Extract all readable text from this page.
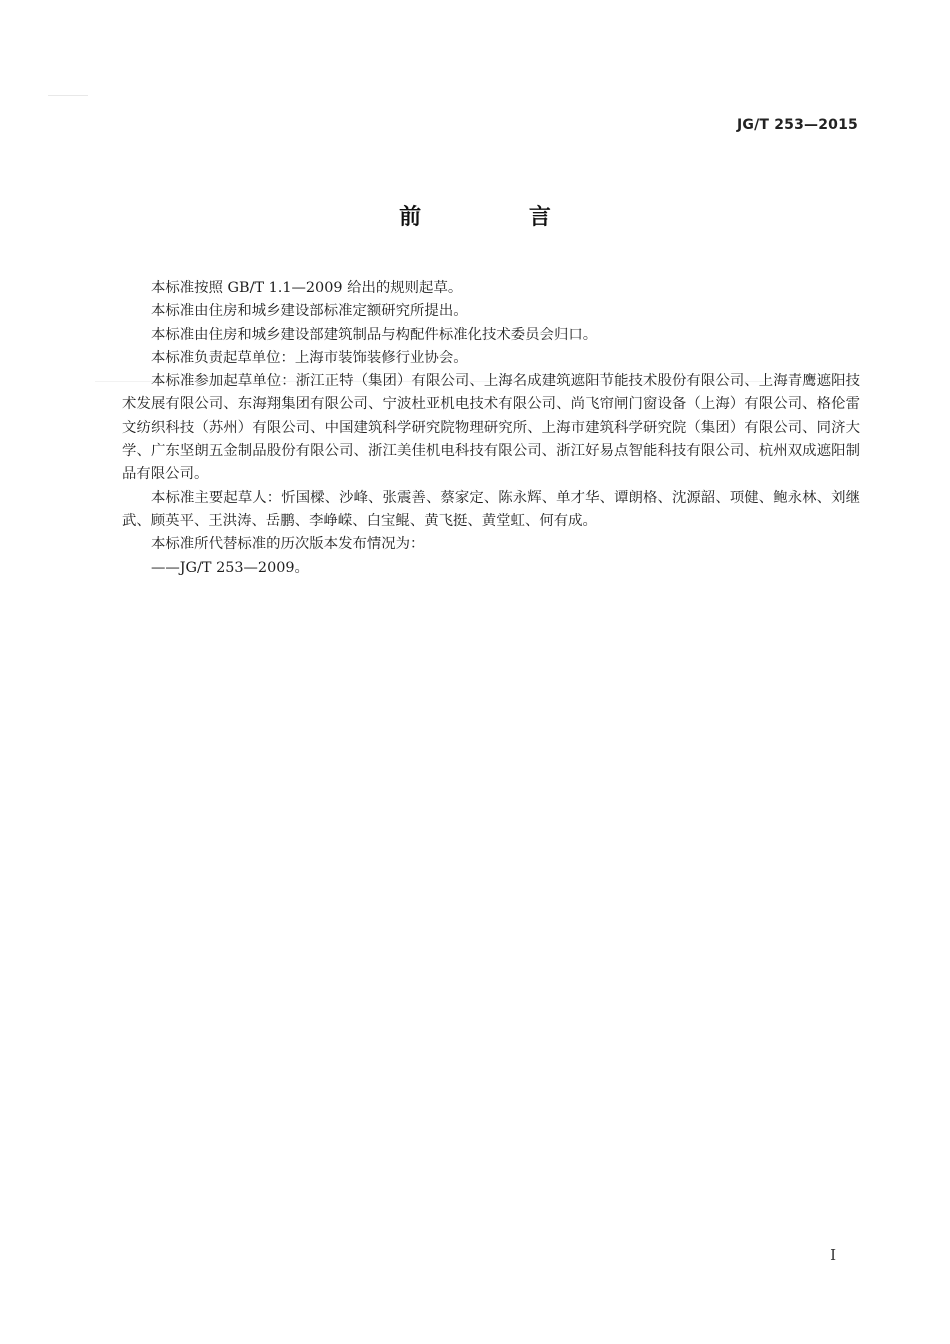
JG/T 253—2015
前 言

本标准按照 GB/T 1.1—2009 给出的规则起草。

本标准由住房和城乡建设部标准定额研究所提出。

本标准由住房和城乡建设部建筑制品与构配件标准化技术委员会归口。

本标准负责起草单位：上海市装饰装修行业协会。

本标准参加起草单位：浙江正特（集团）有限公司、上海名成建筑遮阳节能技术股份有限公司、上海青鹰遮阳技术发展有限公司、东海翔集团有限公司、宁波杜亚机电技术有限公司、尚飞帘闸门窗设备（上海）有限公司、格伦雷文纺织科技（苏州）有限公司、中国建筑科学研究院物理研究所、上海市建筑科学研究院（集团）有限公司、同济大学、广东坚朗五金制品股份有限公司、浙江美佳机电科技有限公司、浙江好易点智能科技有限公司、杭州双成遮阳制品有限公司。

本标准主要起草人：忻国樑、沙峰、张震善、蔡家定、陈永辉、单才华、谭朗格、沈源韶、项健、鲍永林、刘继武、顾英平、王洪涛、岳鹏、李峥嵘、白宝鲲、黄飞挺、黄堂虹、何有成。

本标准所代替标准的历次版本发布情况为：

——JG/T 253—2009。

I
